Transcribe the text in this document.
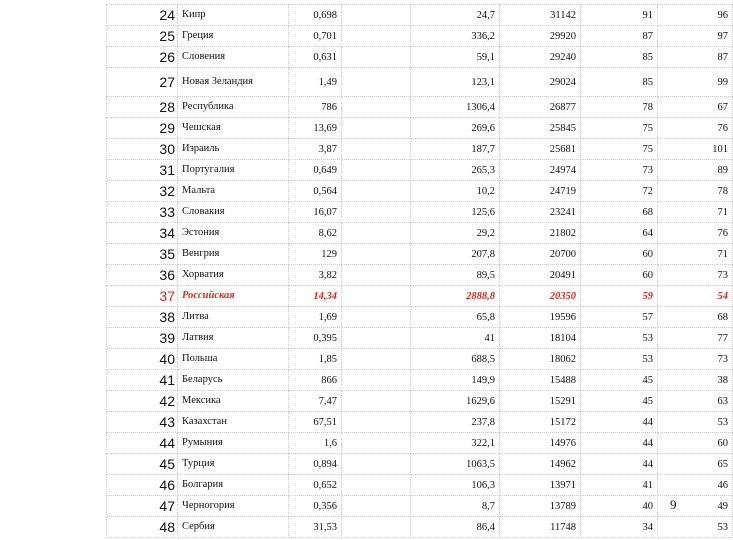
24	Кипр	0,698		24,7	31142	91	96
25	Греция	0,701		336,2	29920	87	97
26	Словения	0,631		59,1	29240	85	87
27	Новая Зеландия	1,49		123,1	29024	85	99
28	Республика	786		1306,4	26877	78	67
29	Чешская	13,69		269,6	25845	75	76
30	Израиль	3,87		187,7	25681	75	101
31	Португалия	0,649		265,3	24974	73	89
32	Мальта	0,564		10,2	24719	72	78
33	Словакия	16,07		125,6	23241	68	71
34	Эстония	8,62		29,2	21802	64	76
35	Венгрия	129		207,8	20700	60	71
36	Хорватия	3,82		89,5	20491	60	73
37	Российская	14,34		2888,8	20350	59	54
38	Литва	1,69		65,8	19596	57	68
39	Латвия	0,395		41	18104	53	77
40	Польша	1,85		688,5	18062	53	73
41	Беларусь	866		149,9	15488	45	38
42	Мексика	7,47		1629,6	15291	45	63
43	Казахстан	67,51		237,8	15172	44	53
44	Румыния	1,6		322,1	14976	44	60
45	Турция	0,894		1063,5	14962	44	65
46	Болгария	0,652		106,3	13971	41	46
47	Черногория	0,356		8,7	13789	40	49
48	Сербия	31,53		86,4	11748	34	53
9
